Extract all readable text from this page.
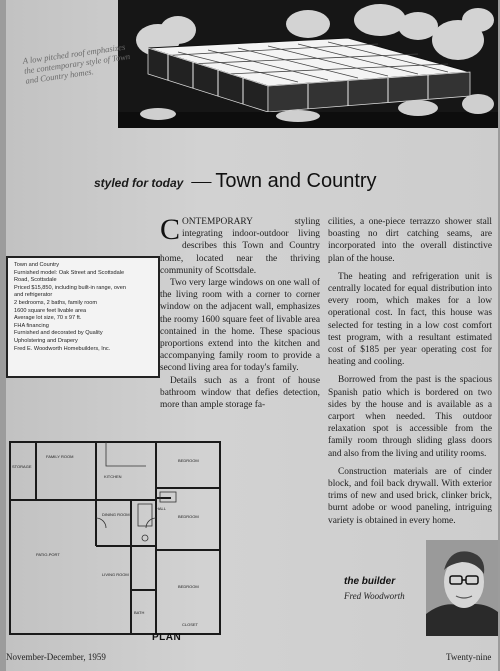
A low pitched roof emphasizes the contemporary style of Town and Country homes.
styled for today — Town and Country
Town and Country
Furnished model: Oak Street and Scottsdale
Road, Scottsdale
Priced $15,850, including built-in range, oven
and refrigerator
2 bedrooms, 2 baths, family room
1600 square feet livable area
Average lot size, 70 x 97 ft.
FHA financing
Furnished and decorated by Quality
Upholstering and Drapery
Fred E. Woodworth Homebuilders, Inc.

CONTEMPORARY styling integrating indoor-outdoor living describes this Town and Country home, located near the thriving community of Scottsdale.

Two very large windows on one wall of the living room with a corner to corner window on the adjacent wall, emphasizes the roomy 1600 square feet of livable area contained in the home. These spacious proportions extend into the kitchen and accompanying family room to provide a second living area for today's family.

Details such as a front of house bathroom window that defies detection, more than ample storage fa-

cilities, a one-piece terrazzo shower stall boasting no dirt catching seams, are incorporated into the overall distinctive plan of the house.

The heating and refrigeration unit is centrally located for equal distribution into every room, which makes for a low operational cost. In fact, this house was selected for testing in a low cost comfort test program, with a resultant estimated cost of $185 per year operating cost for heating and cooling.

Borrowed from the past is the spacious Spanish patio which is bordered on two sides by the house and is available as a carport when needed. This outdoor relaxation spot is accessible from the family room through sliding glass doors and also from the living and utility rooms.

Construction materials are of cinder block, and foil back drywall. With exterior trims of new and used brick, clinker brick, burnt adobe or wood paneling, intriguing variety is obtained in every home.

STORAGE
FAMILY ROOM
KITCHEN
BEDROOM
HALL
DINING ROOM	BEDROOM
PATIO-PORT
LIVING ROOM
BEDROOM
BATH
CLOSET
PLAN
the builder
Fred Woodworth
November-December, 1959	Twenty-nine
